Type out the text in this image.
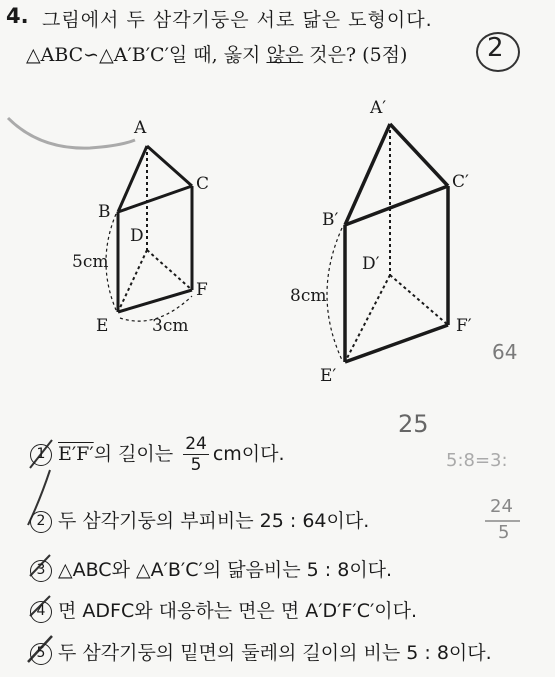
4. 그림에서 두 삼각기둥은 서로 닮은 도형이다.
△ABC∽△A′B′C′일 때, 옳지 않은 것은? (5점)	2
A
B
C
D
E
F
5cm
3cm
A′
B′
C′
D′
E′
F′
8cm
64
25
5:8=3:
24
5
1 E′F′의 길이는 $\frac{24}{5}$ cm이다.
2 두 삼각기둥의 부피비는 25 : 64이다.
3 △ABC와 △A′B′C′의 닮음비는 5 : 8이다.
4 면 ADFC와 대응하는 면은 면 A′D′F′C′이다.
5 두 삼각기둥의 밑면의 둘레의 길이의 비는 5 : 8이다.
